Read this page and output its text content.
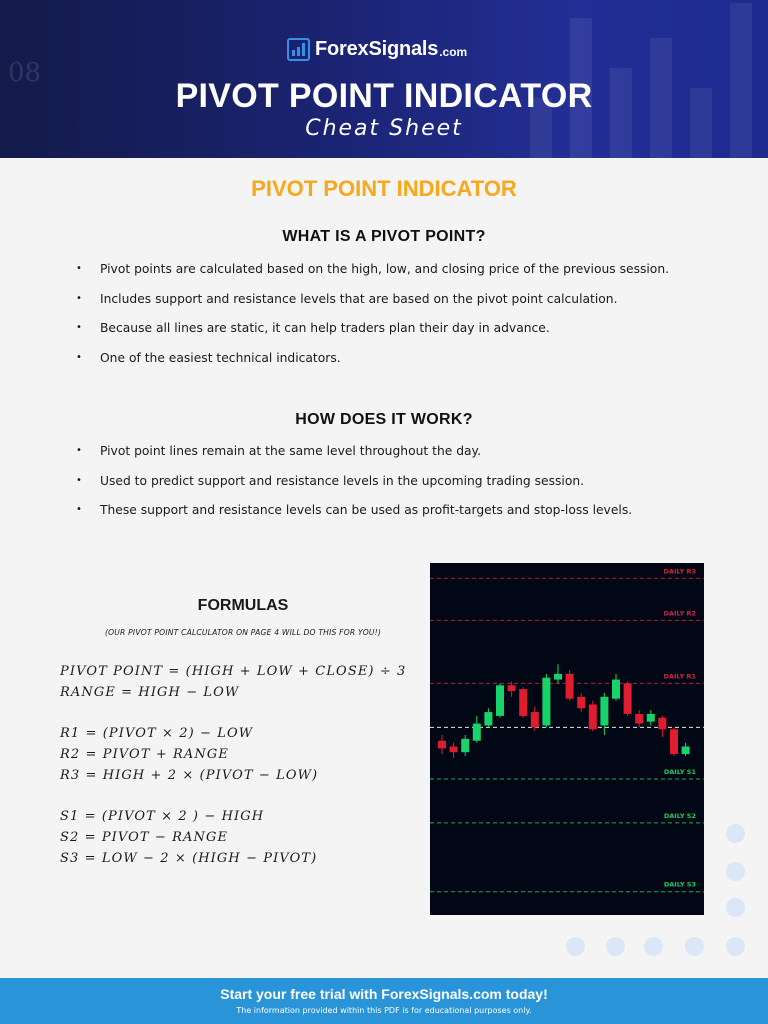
08
ForexSignals .com
PIVOT POINT INDICATOR
Cheat Sheet
PIVOT POINT INDICATOR
WHAT IS A PIVOT POINT?
• Pivot points are calculated based on the high, low, and closing price of the previous session.
• Includes support and resistance levels that are based on the pivot point calculation.
• Because all lines are static, it can help traders plan their day in advance.
• One of the easiest technical indicators.
HOW DOES IT WORK?
• Pivot point lines remain at the same level throughout the day.
• Used to predict support and resistance levels in the upcoming trading session.
• These support and resistance levels can be used as profit-targets and stop-loss levels.
FORMULAS
(OUR PIVOT POINT CALCULATOR ON PAGE 4 WILL DO THIS FOR YOU!)
PIVOT POINT = (HIGH + LOW + CLOSE) ÷ 3
RANGE = HIGH − LOW
R1 = (PIVOT × 2) − LOW
R2 = PIVOT + RANGE
R3 = HIGH + 2 × (PIVOT − LOW)
S1 = (PIVOT × 2 ) − HIGH
S2 = PIVOT − RANGE
S3 = LOW − 2 × (HIGH − PIVOT)
DAILY R3
DAILY R2
DAILY R1
DAILY S1
DAILY S2
DAILY S3
Start your free trial with ForexSignals.com today!
The information provided within this PDF is for educational purposes only.
